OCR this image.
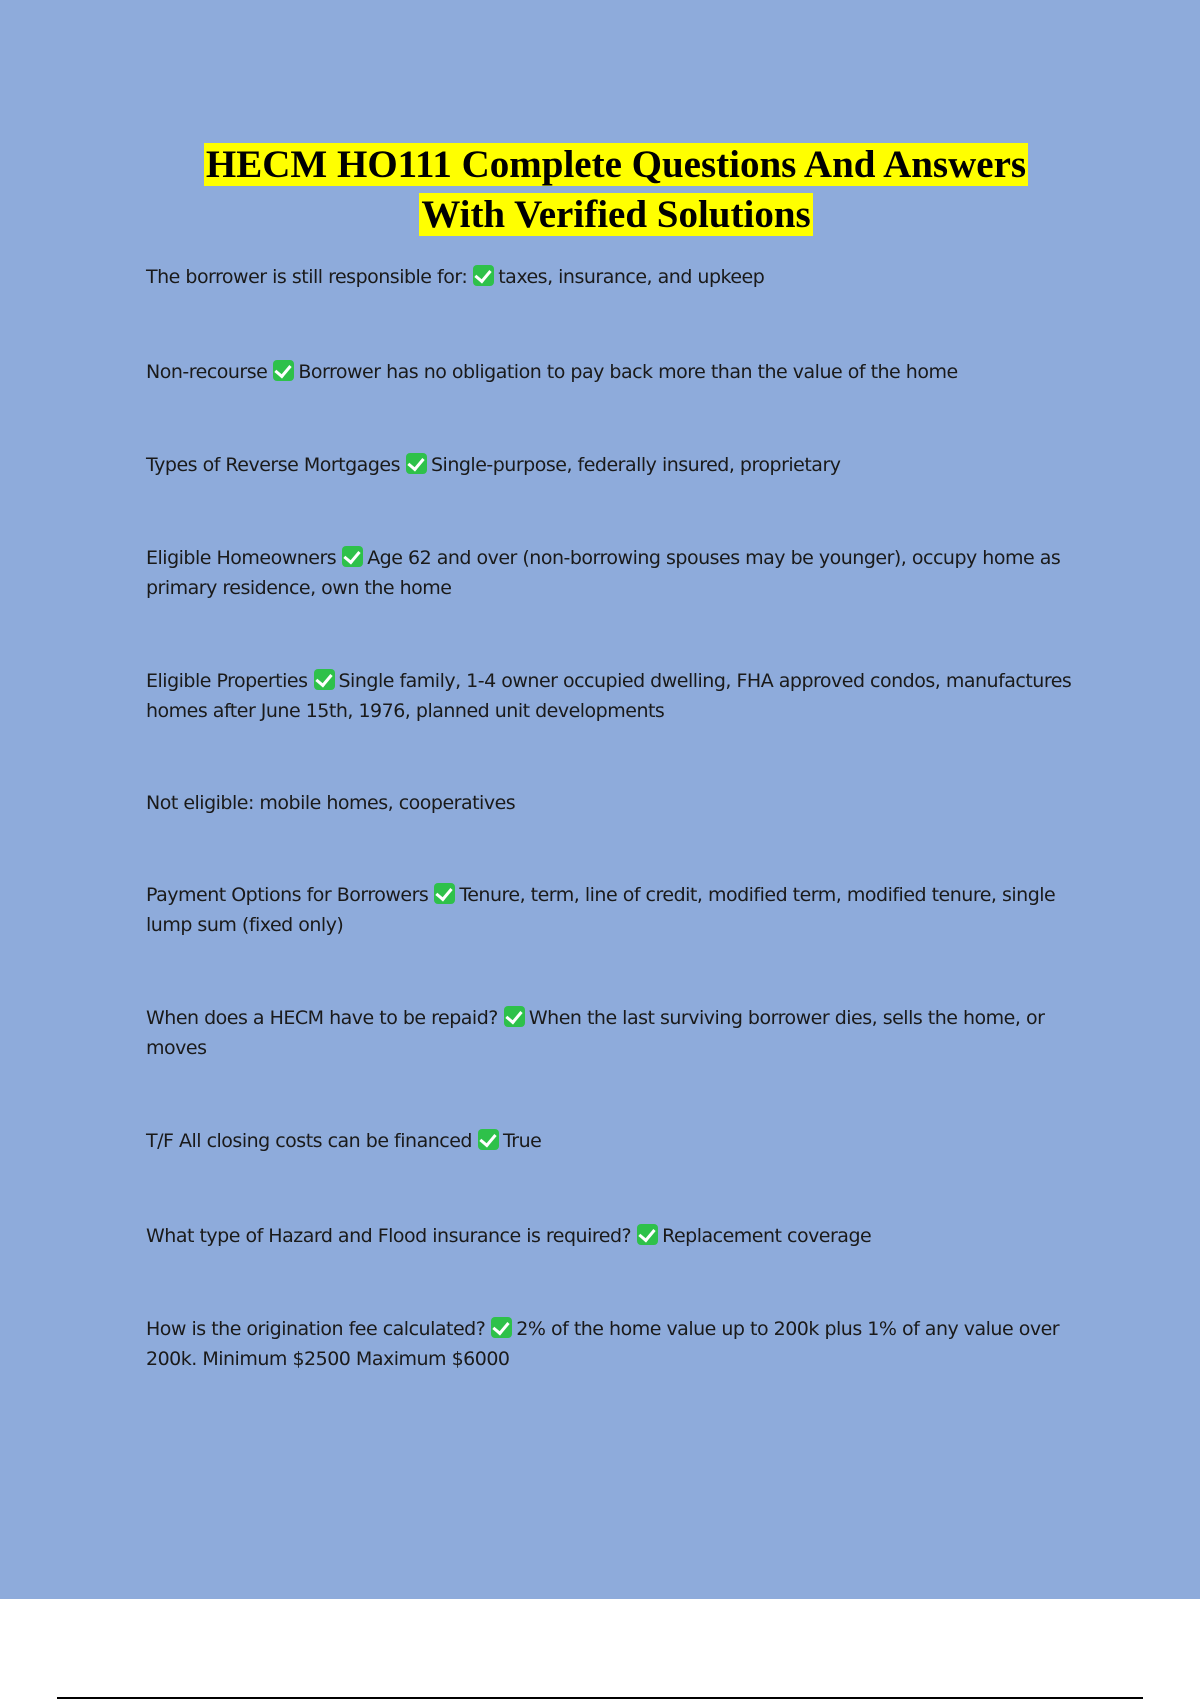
HECM HO111 Complete Questions And Answers
With Verified Solutions
The borrower is still responsible for: taxes, insurance, and upkeep
Non-recourse Borrower has no obligation to pay back more than the value of the home
Types of Reverse Mortgages Single-purpose, federally insured, proprietary
Eligible Homeowners Age 62 and over (non-borrowing spouses may be younger), occupy home as primary residence, own the home
Eligible Properties Single family, 1-4 owner occupied dwelling, FHA approved condos, manufactures homes after June 15th, 1976, planned unit developments
Not eligible: mobile homes, cooperatives
Payment Options for Borrowers Tenure, term, line of credit, modified term, modified tenure, single lump sum (fixed only)
When does a HECM have to be repaid? When the last surviving borrower dies, sells the home, or moves
T/F All closing costs can be financed True
What type of Hazard and Flood insurance is required? Replacement coverage
How is the origination fee calculated? 2% of the home value up to 200k plus 1% of any value over 200k. Minimum $2500 Maximum $6000
